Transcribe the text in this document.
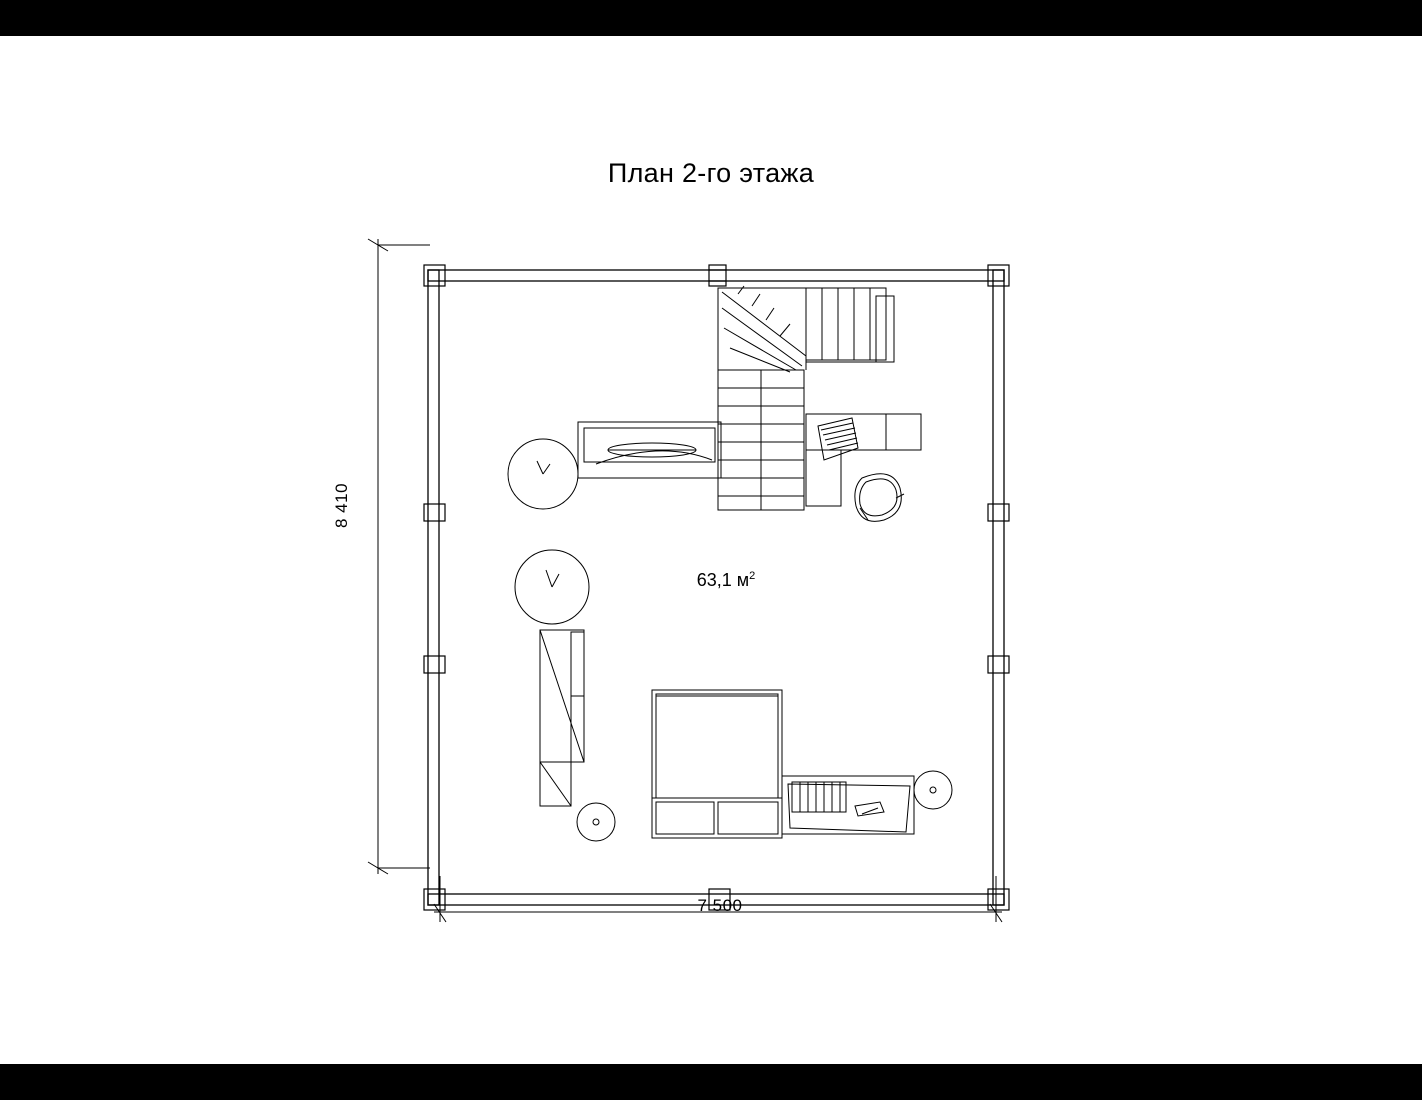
План 2-го этажа
8 410
7 500
63,1 $м^2$
